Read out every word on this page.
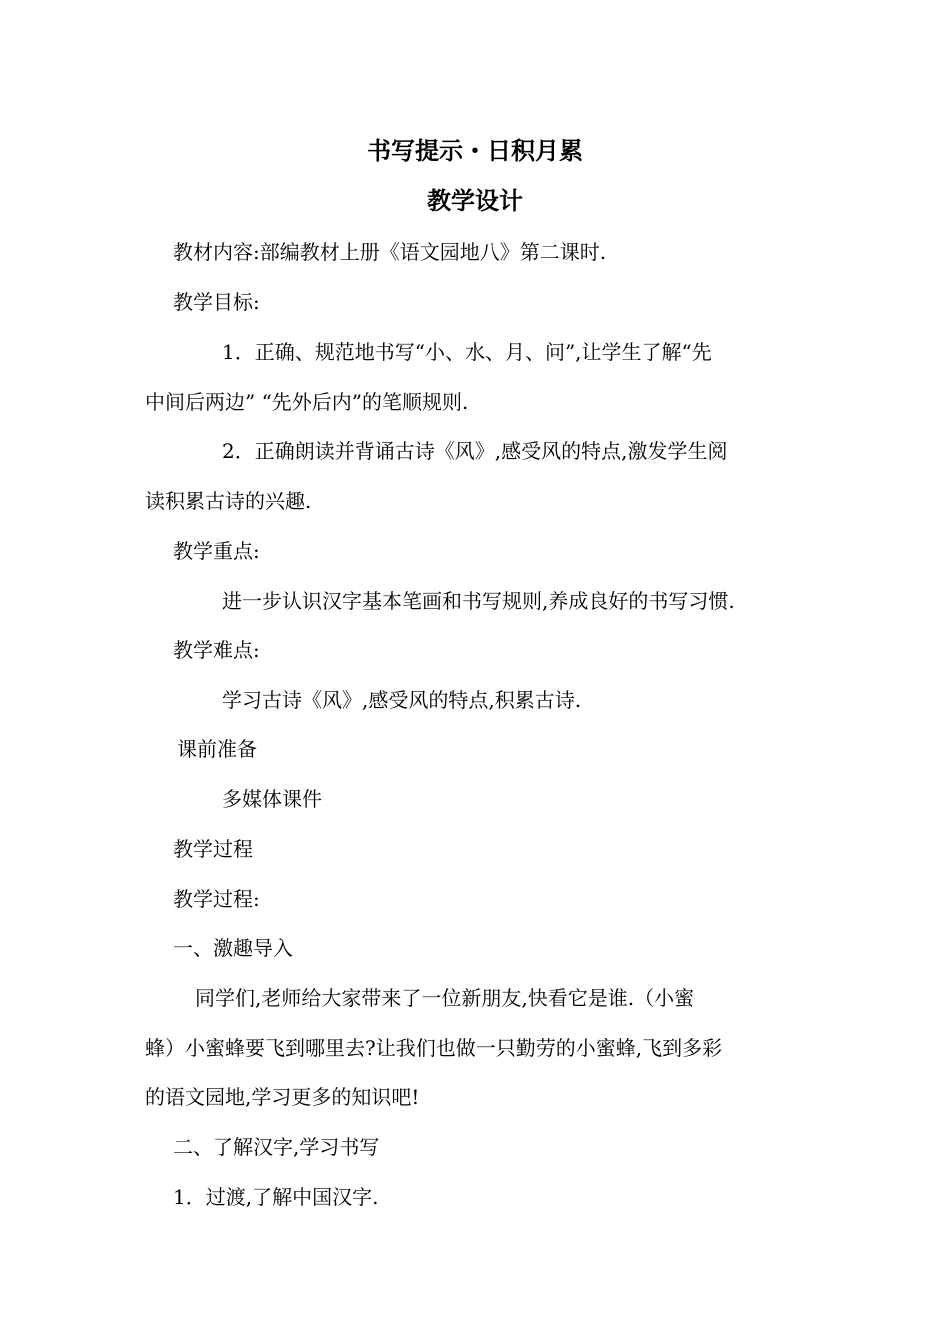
书写提示・日积月累
教学设计
教材内容:部编教材上册《语文园地八》第二课时.
教学目标:
1．正确、规范地书写“小、水、月、问”,让学生了解“先
中间后两边” “先外后内”的笔顺规则.
2．正确朗读并背诵古诗《风》,感受风的特点,激发学生阅
读积累古诗的兴趣.
教学重点:
进一步认识汉字基本笔画和书写规则,养成良好的书写习惯.
教学难点:
学习古诗《风》,感受风的特点,积累古诗.
课前准备
多媒体课件
教学过程
教学过程:
一、激趣导入
同学们,老师给大家带来了一位新朋友,快看它是谁.（小蜜
蜂）小蜜蜂要飞到哪里去?让我们也做一只勤劳的小蜜蜂,飞到多彩
的语文园地,学习更多的知识吧!
二、了解汉字,学习书写
1．过渡,了解中国汉字.
